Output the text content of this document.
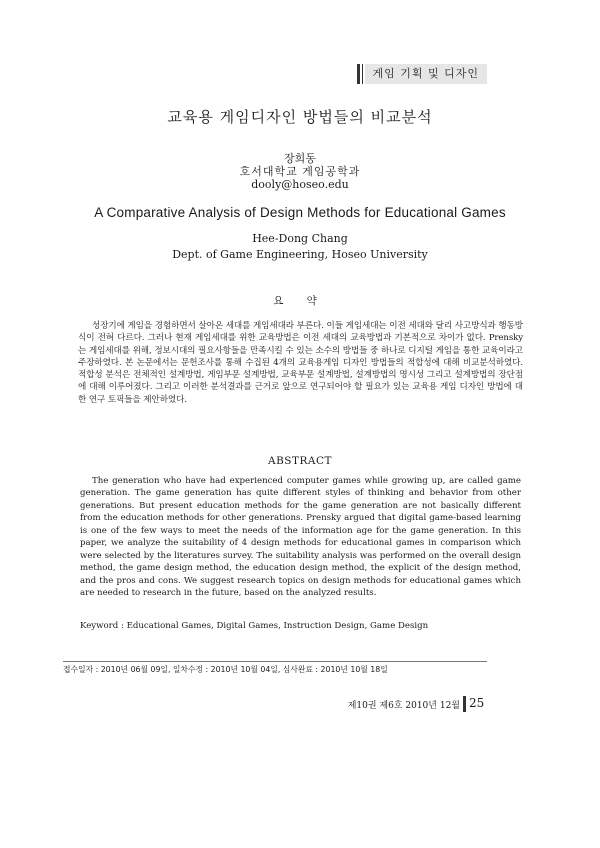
게임 기획 및 디자인
교육용 게임디자인 방법들의 비교분석
장희동
호서대학교 게임공학과
dooly@hoseo.edu
A Comparative Analysis of Design Methods for Educational Games
Hee-Dong Chang
Dept. of Game Engineering, Hoseo University
요 약
성장기에 게임을 경험하면서 살아온 세대를 게임세대라 부른다. 이들 게임세대는 이전 세대와 달리 사고방식과 행동방식이 전혀 다르다. 그러나 현재 게임세대를 위한 교육방법은 이전 세대의 교육방법과 기본적으로 차이가 없다. Prensky는 게임세대를 위해, 정보시대의 필요사항들을 만족시킬 수 있는 소수의 방법들 중 하나로 디지털 게임을 통한 교육이라고 주장하였다. 본 논문에서는 문헌조사를 통해 수집된 4개의 교육용게임 디자인 방법들의 적합성에 대해 비교분석하였다. 적합성 분석은 전체적인 설계방법, 게임부문 설계방법, 교육부문 설계방법, 설계방법의 명시성 그리고 설계방법의 장단점에 대해 이루어졌다. 그리고 이러한 분석결과를 근거로 앞으로 연구되어야 할 필요가 있는 교육용 게임 디자인 방법에 대한 연구 토픽들을 제안하였다.
ABSTRACT
The generation who have had experienced computer games while growing up, are called game generation. The game generation has quite different styles of thinking and behavior from other generations. But present education methods for the game generation are not basically different from the education methods for other generations. Prensky argued that digital game-based learning is one of the few ways to meet the needs of the information age for the game generation. In this paper, we analyze the suitability of 4 design methods for educational games in comparison which were selected by the literatures survey. The suitability analysis was performed on the overall design method, the game design method, the education design method, the explicit of the design method, and the pros and cons. We suggest research topics on design methods for educational games which are needed to research in the future, based on the analyzed results.
Keyword : Educational Games, Digital Games, Instruction Design, Game Design
접수일자 : 2010년 06월 09일, 일차수정 : 2010년 10월 04일, 심사완료 : 2010년 10월 18일
제10권 제6호 2010년 12월 25
